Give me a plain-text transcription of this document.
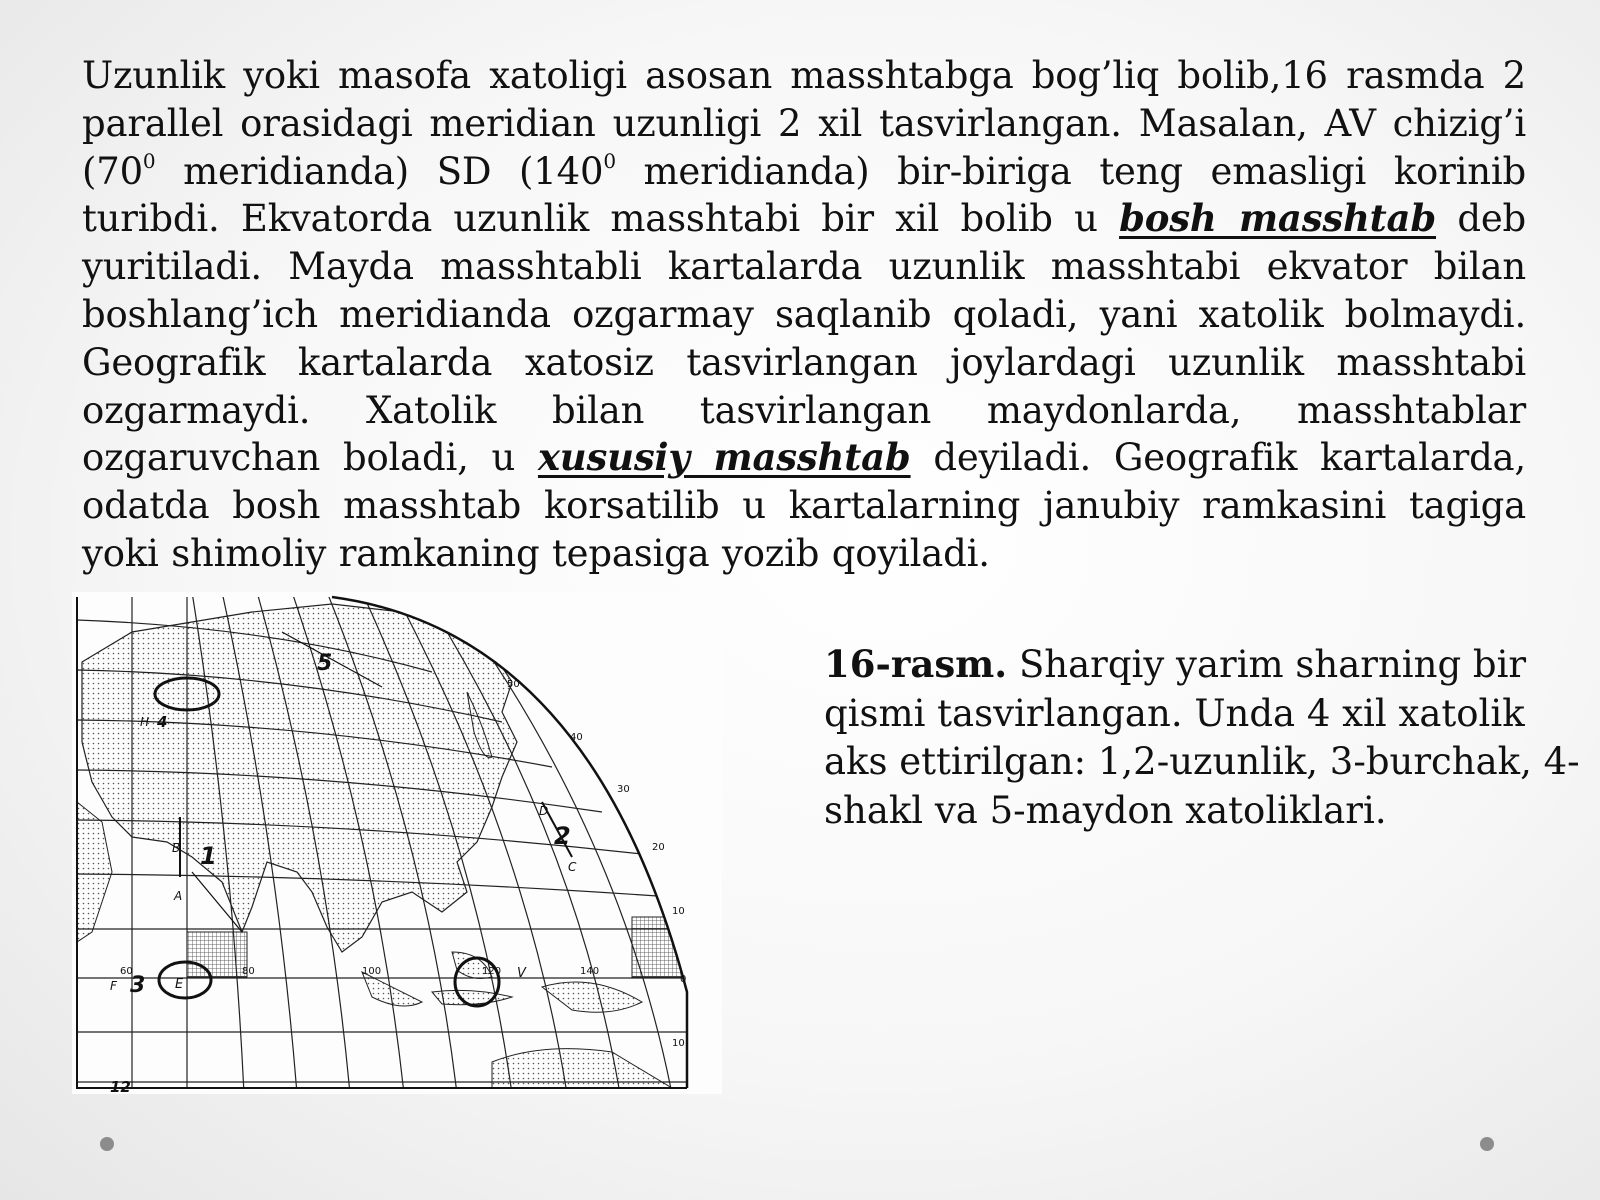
Uzunlik yoki masofa xatoligi asosan masshtabga bog’liq bolib,16 rasmda 2 parallel orasidagi meridian uzunligi 2 xil tasvirlangan. Masalan, AV chizig’i ($70^0$ meridianda) SD ($140^0$ meridianda) bir-biriga teng emasligi korinib turibdi. Ekvatorda uzunlik masshtabi bir xil bolib u bosh masshtab deb yuritiladi. Mayda masshtabli kartalarda uzunlik masshtabi ekvator bilan boshlang’ich meridianda ozgarmay saqlanib qoladi, yani xatolik bolmaydi. Geografik kartalarda xatosiz tasvirlangan joylardagi uzunlik masshtabi ozgarmaydi. Xatolik bilan tasvirlangan maydonlarda, masshtablar ozgaruvchan boladi, u xususiy masshtab deyiladi. Geografik kartalarda, odatda bosh masshtab korsatilib u kartalarning janubiy ramkasini tagiga yoki shimoliy ramkaning tepasiga yozib qoyiladi.
5
4
1
2
3
12
H
B
A
D
C
F	E
V
60	80	100	120	140
50
40
30
20
10
0
10
16-rasm. Sharqiy yarim sharning bir qismi tasvirlangan. Unda 4 xil xatolik aks ettirilgan: 1,2-uzunlik, 3-burchak, 4-shakl va 5-maydon xatoliklari.
